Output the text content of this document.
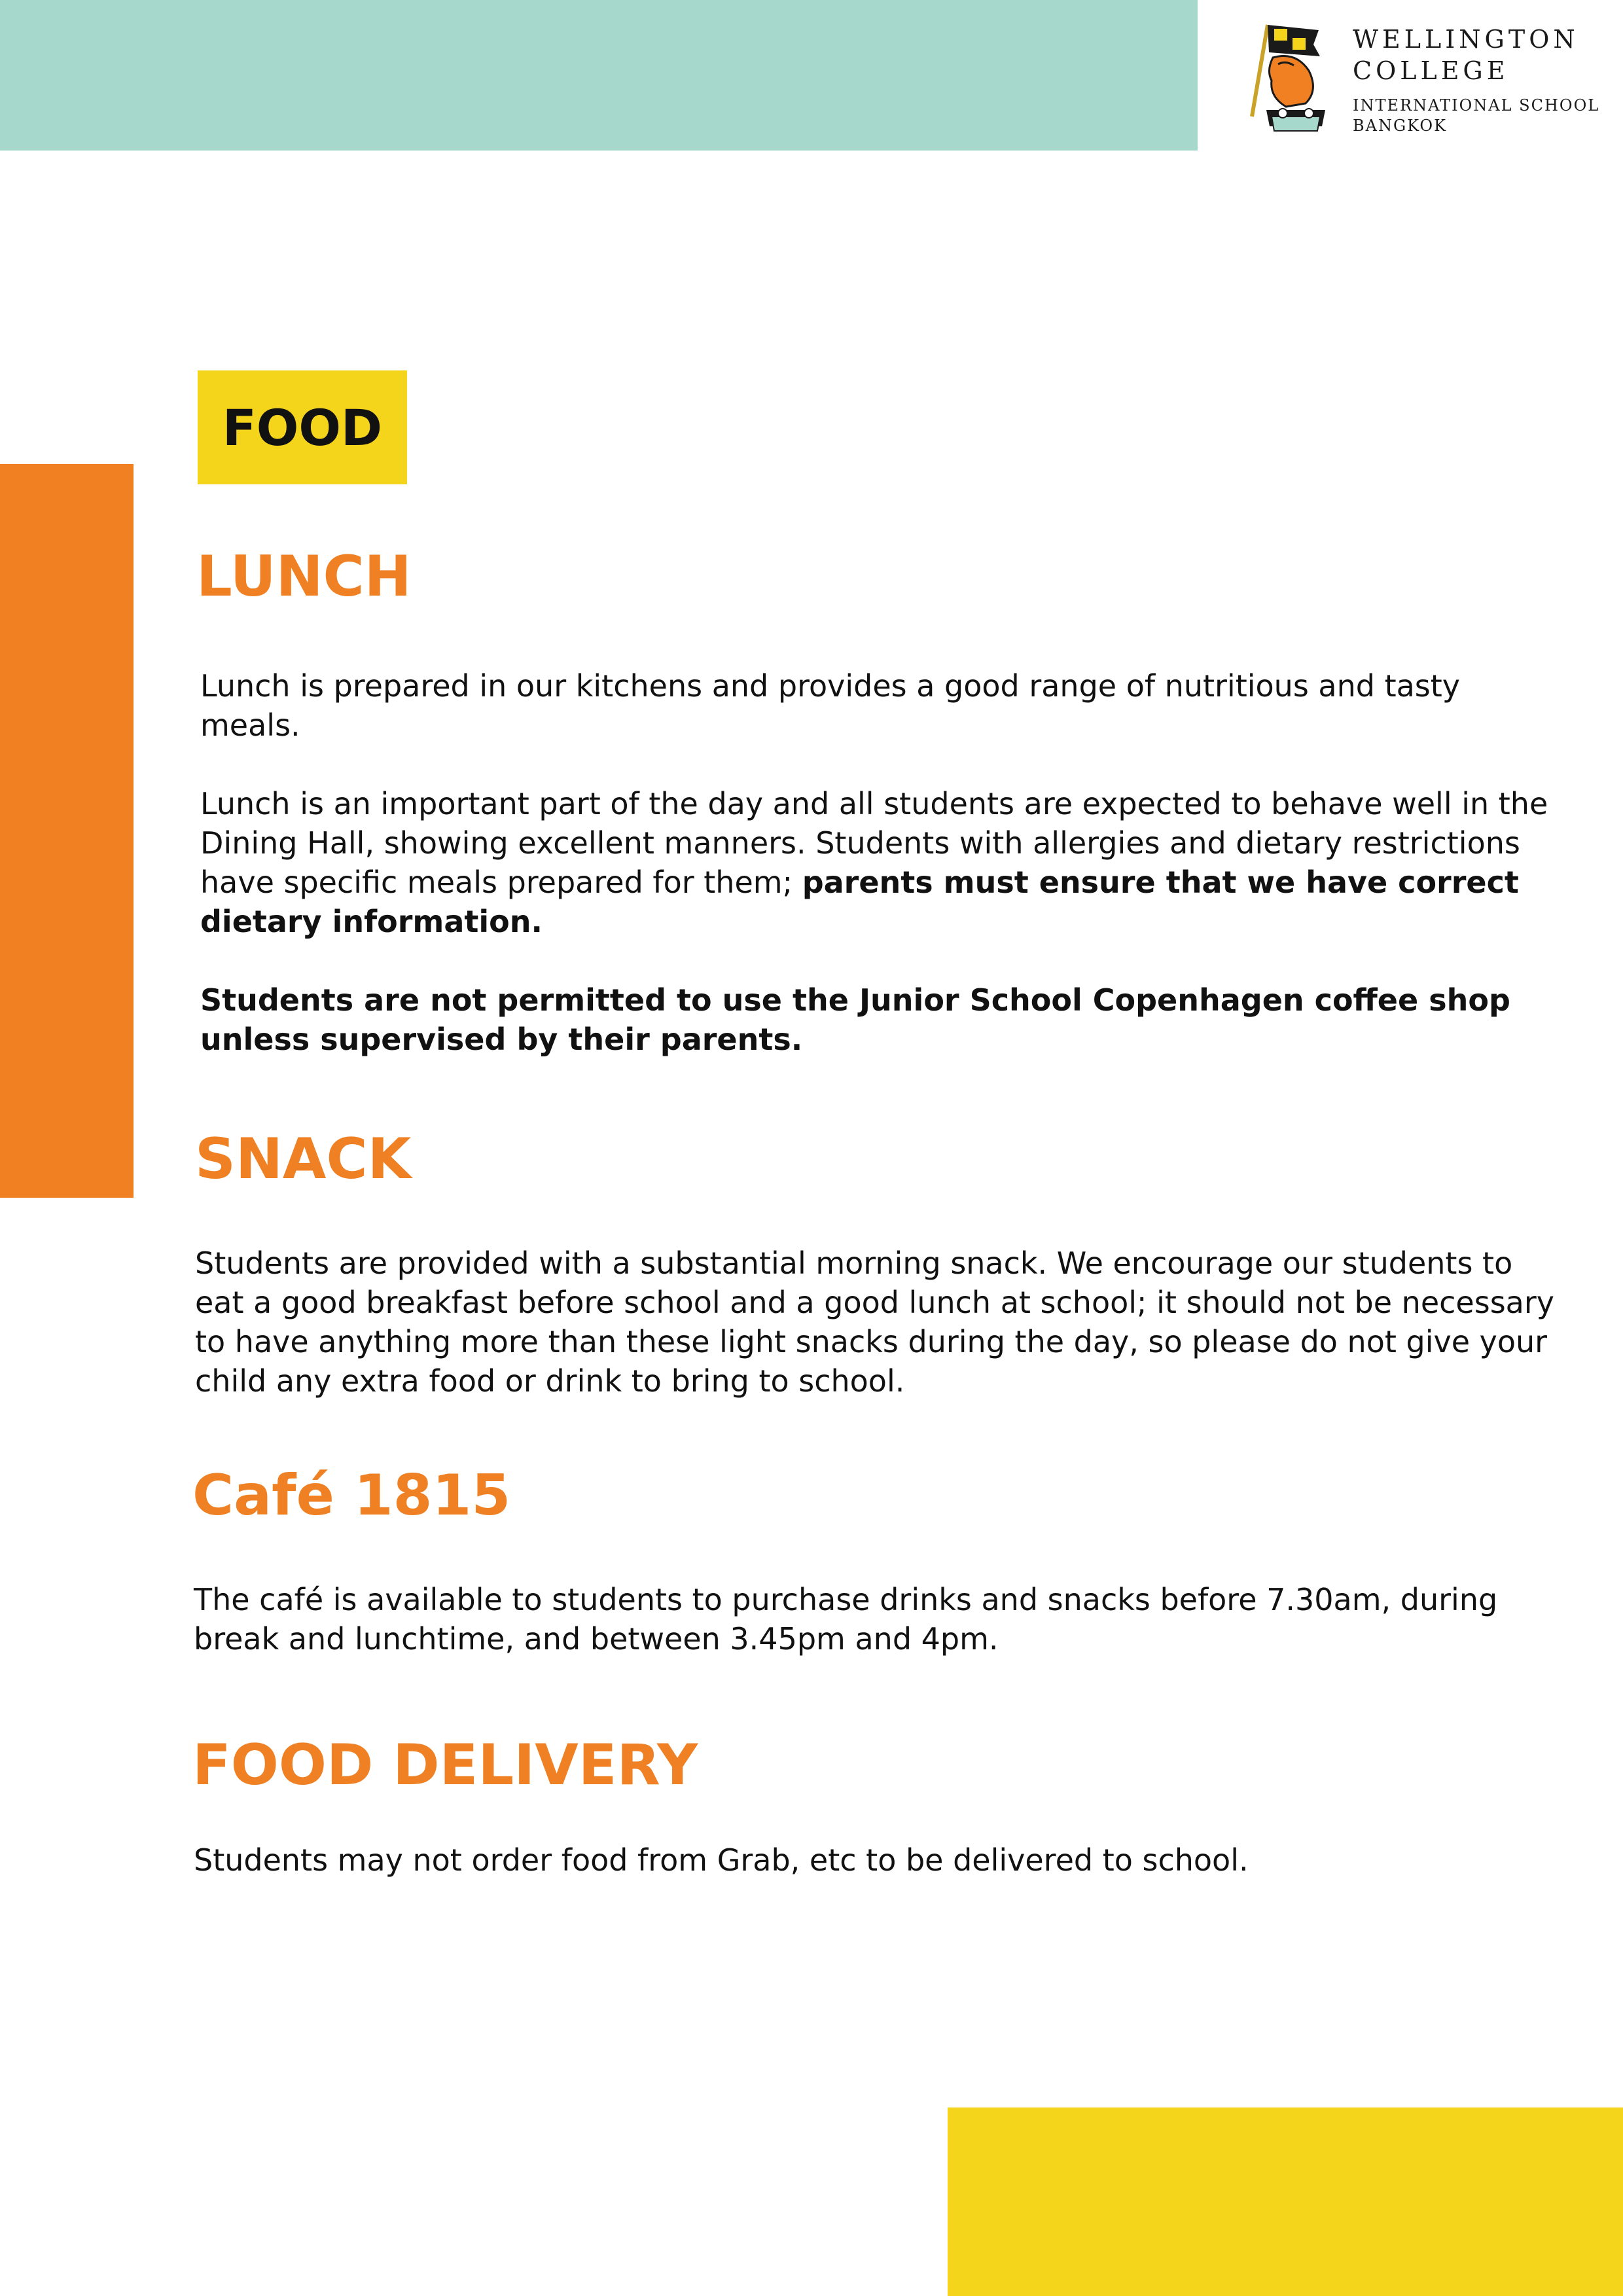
WELLINGTON
COLLEGE
INTERNATIONAL SCHOOL
BANGKOK
FOOD
LUNCH

Lunch is prepared in our kitchens and provides a good range of nutritious and tasty meals.

Lunch is an important part of the day and all students are expected to behave well in the Dining Hall, showing excellent manners. Students with allergies and dietary restrictions have specific meals prepared for them; parents must ensure that we have correct dietary information.

Students are not permitted to use the Junior School Copenhagen coffee shop unless supervised by their parents.

SNACK

Students are provided with a substantial morning snack. We encourage our students to eat a good breakfast before school and a good lunch at school; it should not be necessary to have anything more than these light snacks during the day, so please do not give your child any extra food or drink to bring to school.

Café 1815

The café is available to students to purchase drinks and snacks before 7.30am, during break and lunchtime, and between 3.45pm and 4pm.

FOOD DELIVERY

Students may not order food from Grab, etc to be delivered to school.
